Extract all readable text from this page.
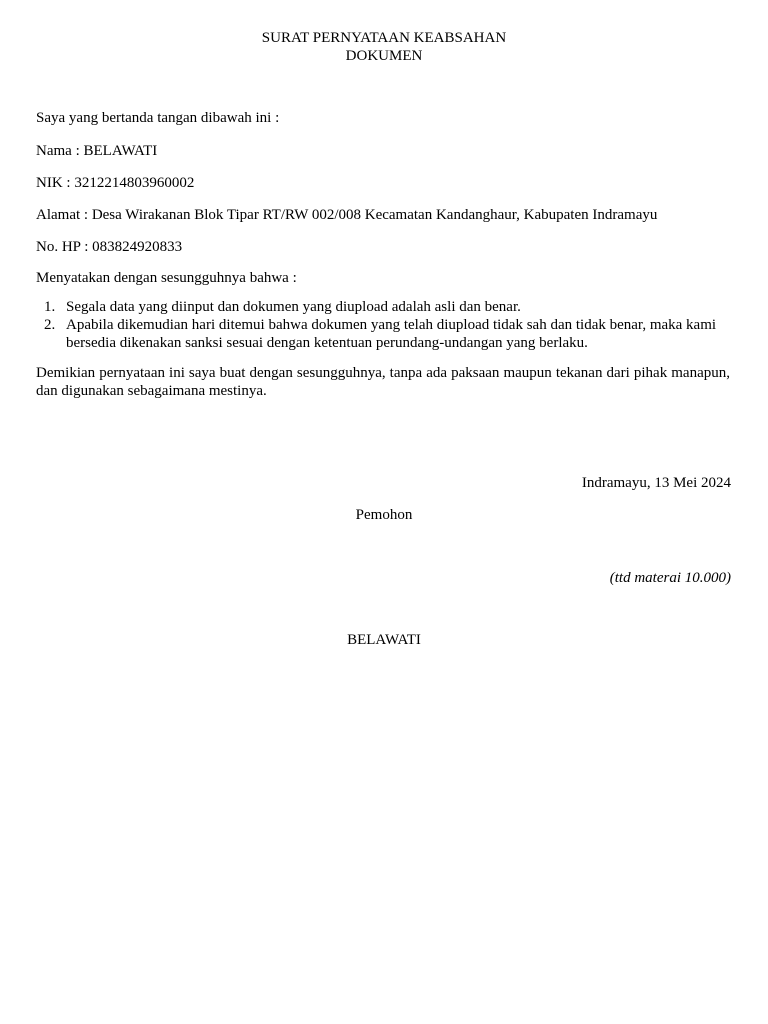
SURAT PERNYATAAN KEABSAHAN
DOKUMEN
Saya yang bertanda tangan dibawah ini :
Nama : BELAWATI
NIK : 3212214803960002
Alamat : Desa Wirakanan Blok Tipar RT/RW 002/008 Kecamatan Kandanghaur, Kabupaten Indramayu
No. HP : 083824920833
Menyatakan dengan sesungguhnya bahwa :
1. Segala data yang diinput dan dokumen yang diupload adalah asli dan benar.
2. Apabila dikemudian hari ditemui bahwa dokumen yang telah diupload tidak sah dan tidak benar, maka kami bersedia dikenakan sanksi sesuai dengan ketentuan perundang-undangan yang berlaku.
Demikian pernyataan ini saya buat dengan sesungguhnya, tanpa ada paksaan maupun tekanan dari pihak manapun, dan digunakan sebagaimana mestinya.
Indramayu, 13 Mei 2024
Pemohon
(ttd materai 10.000)
BELAWATI
